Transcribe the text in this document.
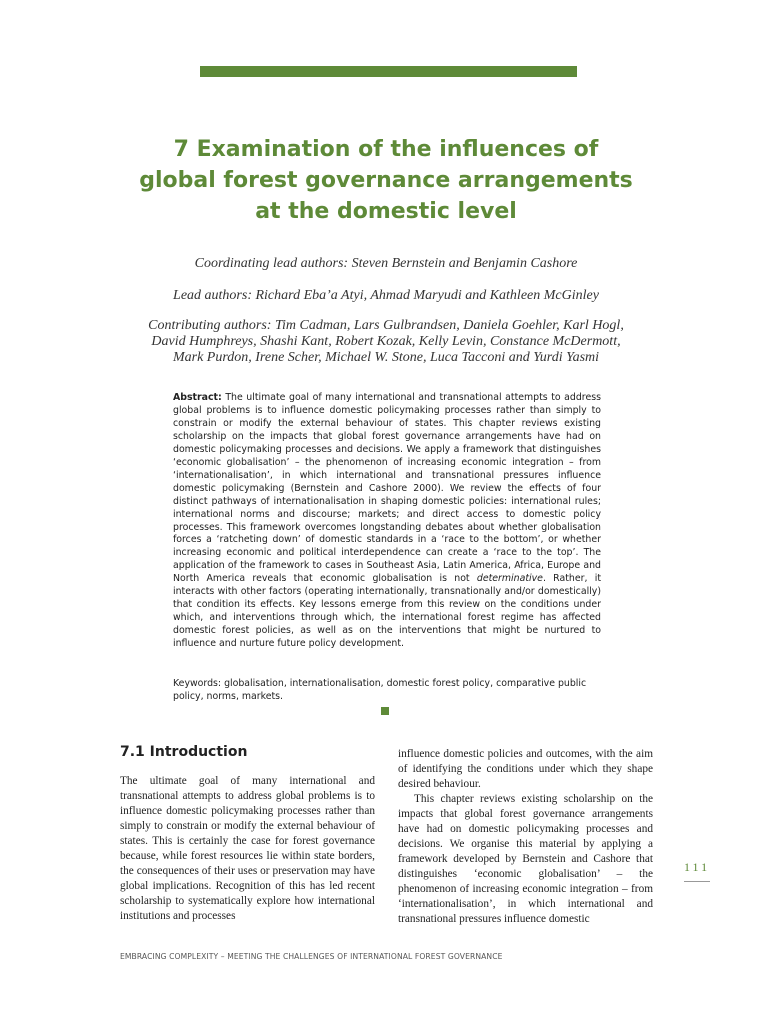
7 Examination of the influences of
global forest governance arrangements
at the domestic level
Coordinating lead authors: Steven Bernstein and Benjamin Cashore
Lead authors: Richard Eba’a Atyi, Ahmad Maryudi and Kathleen McGinley
Contributing authors: Tim Cadman, Lars Gulbrandsen, Daniela Goehler, Karl Hogl,
David Humphreys, Shashi Kant, Robert Kozak, Kelly Levin, Constance McDermott,
Mark Purdon, Irene Scher, Michael W. Stone, Luca Tacconi and Yurdi Yasmi
Abstract: The ultimate goal of many international and transnational attempts to address global problems is to influence domestic policymaking processes rather than simply to constrain or modify the external behaviour of states. This chapter reviews existing scholarship on the impacts that global forest governance arrangements have had on domestic policymaking processes and decisions. We apply a framework that distinguishes ‘economic globalisation’ – the phenomenon of increasing economic integration – from ‘internationalisation’, in which international and transnational pressures influence domestic policymaking (Bernstein and Cashore 2000). We review the effects of four distinct pathways of internationalisation in shaping domestic policies: international rules; international norms and discourse; markets; and direct access to domestic policy processes. This framework overcomes longstanding debates about whether globalisation forces a ‘ratcheting down’ of domestic standards in a ‘race to the bottom’, or whether increasing economic and political interdependence can create a ‘race to the top’. The application of the framework to cases in Southeast Asia, Latin America, Africa, Europe and North America reveals that economic globalisation is not determinative. Rather, it interacts with other factors (operating internationally, transnationally and/or domestically) that condition its effects. Key lessons emerge from this review on the conditions under which, and interventions through which, the international forest regime has affected domestic forest policies, as well as on the interventions that might be nurtured to influence and nurture future policy development.
Keywords: globalisation, internationalisation, domestic forest policy, comparative public policy, norms, markets.
7.1 Introduction

The ultimate goal of many international and transnational attempts to address global problems is to influence domestic policymaking processes rather than simply to constrain or modify the external behaviour of states. This is certainly the case for forest governance because, while forest resources lie within state borders, the consequences of their uses or preservation may have global implications. Recognition of this has led recent scholarship to systematically explore how international institutions and processes

influence domestic policies and outcomes, with the aim of identifying the conditions under which they shape desired behaviour.

This chapter reviews existing scholarship on the impacts that global forest governance arrangements have had on domestic policymaking processes and decisions. We organise this material by applying a framework developed by Bernstein and Cashore that distinguishes ‘economic globalisation’ – the phenomenon of increasing economic integration – from ‘internationalisation’, in which international and transnational pressures influence domestic

111
EMBRACING COMPLEXITY – MEETING THE CHALLENGES OF INTERNATIONAL FOREST GOVERNANCE
